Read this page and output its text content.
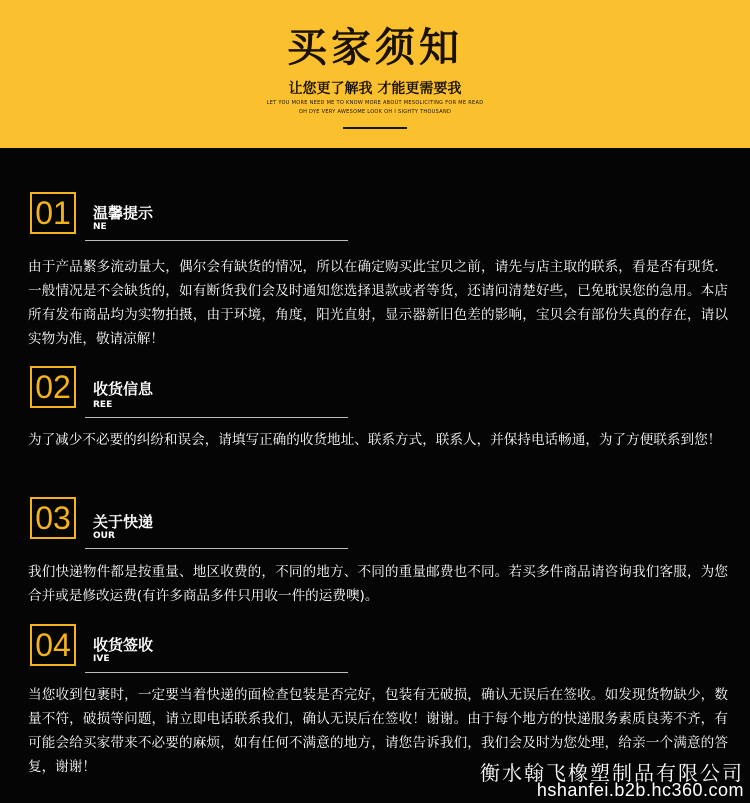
买家须知
让您更了解我 才能更需要我
LET YOU MORE NEED ME TO KNOW MORE ABOUT MESOLICITING FOR ME READ
OH DYE VERY AWESOME LOOK OH I SIGHTY THOUSAND
01	温馨提示
NE
由于产品繁多流动量大，偶尔会有缺货的情况，所以在确定购买此宝贝之前，请先与店主取的联系，看是否有现货．一般情况是不会缺货的，如有断货我们会及时通知您选择退款或者等货，还请问清楚好些，已免耽误您的急用。本店所有发布商品均为实物拍摄，由于环境，角度，阳光直射，显示器新旧色差的影响，宝贝会有部份失真的存在，请以实物为准，敬请凉解！
02	收货信息
REE
为了减少不必要的纠纷和误会，请填写正确的收货地址、联系方式，联系人，并保持电话畅通，为了方便联系到您！
03	关于快递
OUR
我们快递物件都是按重量、地区收费的，不同的地方、不同的重量邮费也不同。若买多件商品请咨询我们客服，为您合并或是修改运费(有许多商品多件只用收一件的运费噢)。
04	收货签收
IVE
当您收到包裹时，一定要当着快递的面检查包装是否完好，包装有无破损，确认无误后在签收。如发现货物缺少，数量不符，破损等问题，请立即电话联系我们，确认无误后在签收！谢谢。由于每个地方的快递服务素质良莠不齐，有可能会给买家带来不必要的麻烦，如有任何不满意的地方，请您告诉我们，我们会及时为您处理，给亲一个满意的答复，谢谢！	衡水翰飞橡塑制品有限公司
hshanfei.b2b.hc360.com
